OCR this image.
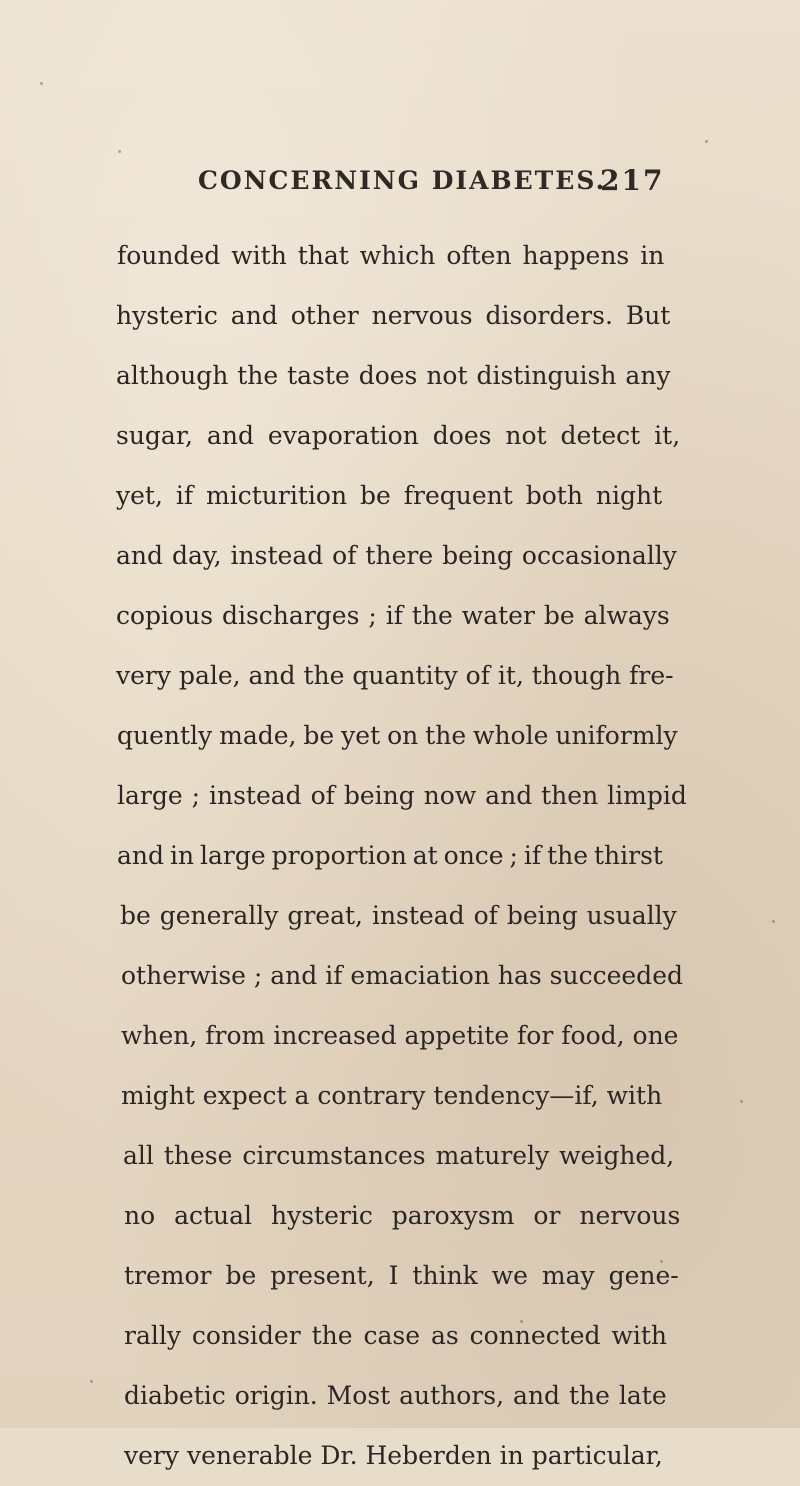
CONCERNING DIABETES.
217
founded with that which often happens in
hysteric and other nervous disorders. But
although the taste does not distinguish any
sugar, and evaporation does not detect it,
yet, if micturition be frequent both night
and day, instead of there being occasionally
copious discharges ; if the water be always
very pale, and the quantity of it, though fre-
quently made, be yet on the whole uniformly
large ; instead of being now and then limpid
and in large proportion at once ; if the thirst
be generally great, instead of being usually
otherwise ; and if emaciation has succeeded
when, from increased appetite for food, one
might expect a contrary tendency—if, with
all these circumstances maturely weighed,
no actual hysteric paroxysm or nervous
tremor be present, I think we may gene-
rally consider the case as connected with
diabetic origin. Most authors, and the late
very venerable Dr. Heberden in particular,
